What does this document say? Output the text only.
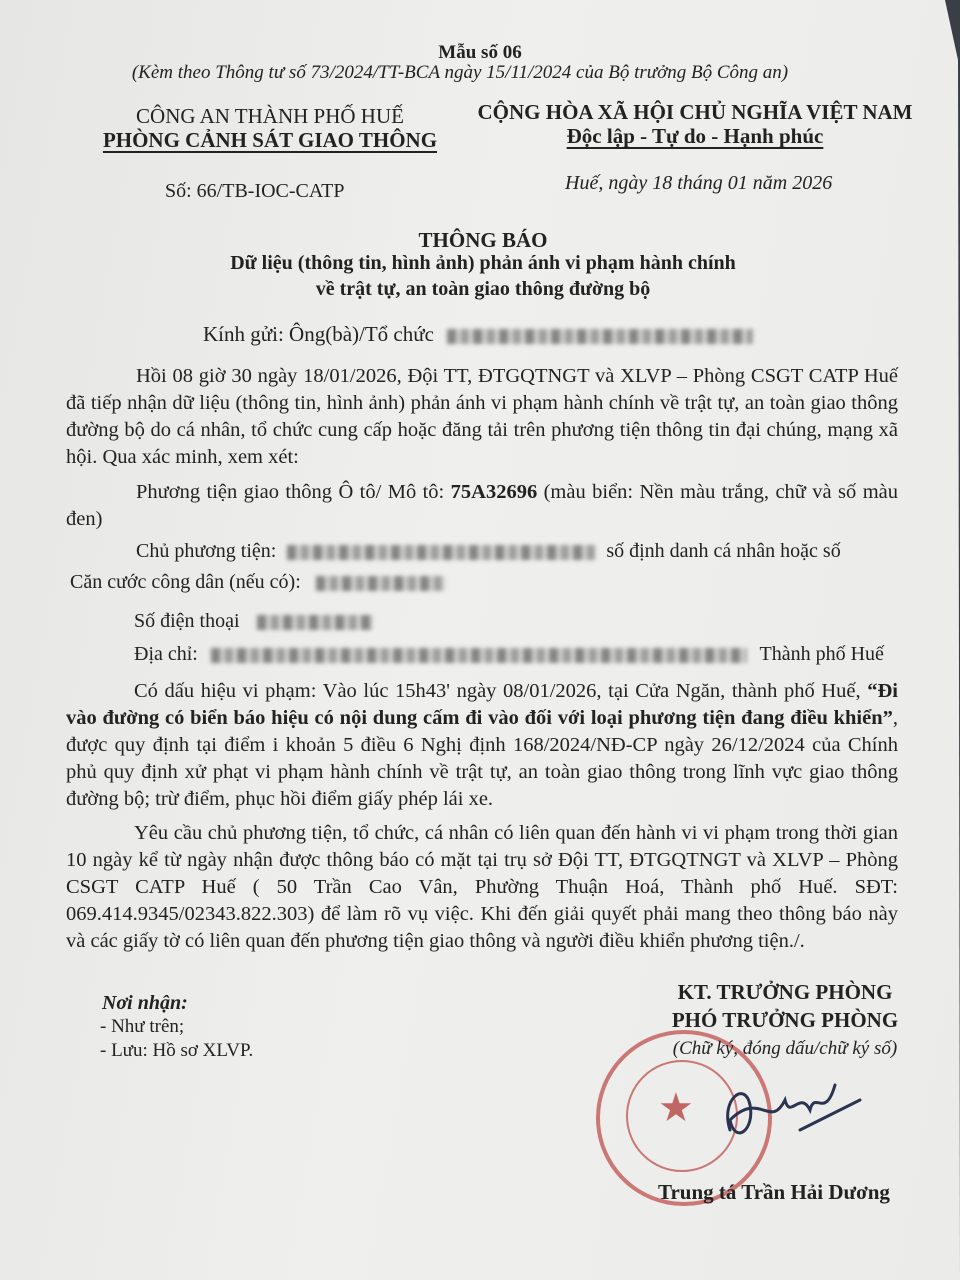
Mẫu số 06
(Kèm theo Thông tư số 73/2024/TT-BCA ngày 15/11/2024 của Bộ trưởng Bộ Công an)
CÔNG AN THÀNH PHỐ HUẾ
PHÒNG CẢNH SÁT GIAO THÔNG
CỘNG HÒA XÃ HỘI CHỦ NGHĨA VIỆT NAM
Độc lập - Tự do - Hạnh phúc
Số: 66/TB-IOC-CATP	Huế, ngày 18 tháng 01 năm 2026
THÔNG BÁO
Dữ liệu (thông tin, hình ảnh) phản ánh vi phạm hành chính
về trật tự, an toàn giao thông đường bộ
Kính gửi: Ông(bà)/Tổ chức
Hồi 08 giờ 30 ngày 18/01/2026, Đội TT, ĐTGQTNGT và XLVP – Phòng CSGT CATP Huế đã tiếp nhận dữ liệu (thông tin, hình ảnh) phản ánh vi phạm hành chính về trật tự, an toàn giao thông đường bộ do cá nhân, tổ chức cung cấp hoặc đăng tải trên phương tiện thông tin đại chúng, mạng xã hội. Qua xác minh, xem xét:
Phương tiện giao thông Ô tô/ Mô tô: 75A32696 (màu biển: Nền màu trắng, chữ và số màu đen)
Chủ phương tiện:	số định danh cá nhân hoặc số
Căn cước công dân (nếu có):
Số điện thoại
Địa chỉ:	Thành phố Huế
Có dấu hiệu vi phạm: Vào lúc 15h43' ngày 08/01/2026, tại Cửa Ngăn, thành phố Huế, “Đi vào đường có biển báo hiệu có nội dung cấm đi vào đối với loại phương tiện đang điều khiển”, được quy định tại điểm i khoản 5 điều 6 Nghị định 168/2024/NĐ-CP ngày 26/12/2024 của Chính phủ quy định xử phạt vi phạm hành chính về trật tự, an toàn giao thông trong lĩnh vực giao thông đường bộ; trừ điểm, phục hồi điểm giấy phép lái xe.
Yêu cầu chủ phương tiện, tổ chức, cá nhân có liên quan đến hành vi vi phạm trong thời gian 10 ngày kể từ ngày nhận được thông báo có mặt tại trụ sở Đội TT, ĐTGQTNGT và XLVP – Phòng CSGT CATP Huế ( 50 Trần Cao Vân, Phường Thuận Hoá, Thành phố Huế. SĐT: 069.414.9345/02343.822.303) để làm rõ vụ việc. Khi đến giải quyết phải mang theo thông báo này và các giấy tờ có liên quan đến phương tiện giao thông và người điều khiển phương tiện./.
Nơi nhận:
- Như trên;
- Lưu: Hồ sơ XLVP.
★
KT. TRƯỞNG PHÒNG
PHÓ TRƯỞNG PHÒNG
(Chữ ký, đóng dấu/chữ ký số)
Trung tá Trần Hải Dương
